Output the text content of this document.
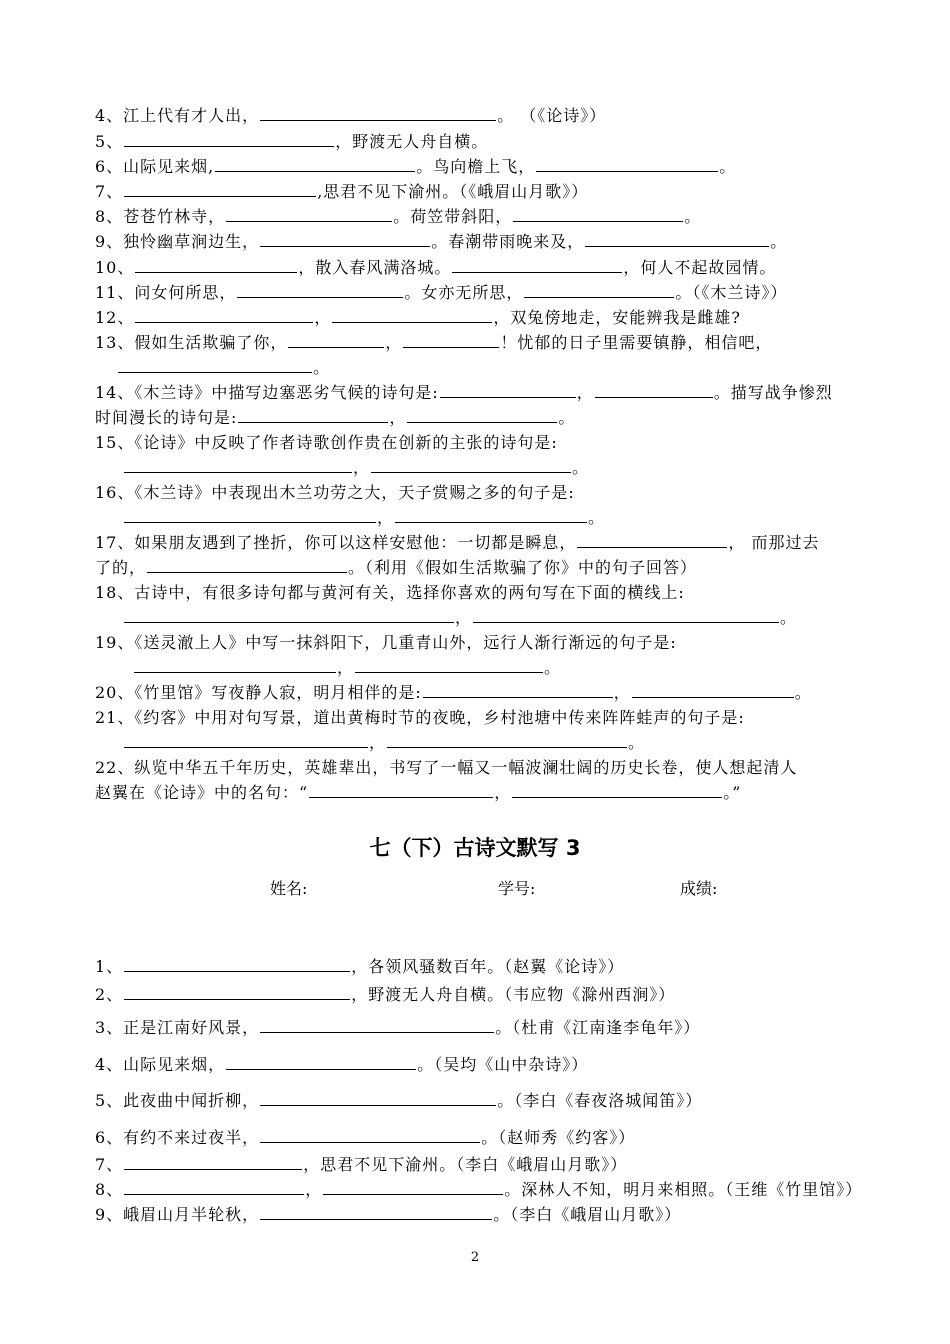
4、江上代有才人出，	。 （《论诗》）
5、	，野渡无人舟自横。
6、山际见来烟,	。鸟向檐上飞，	。
7、	,思君不见下渝州。（《峨眉山月歌》）
8、苍苍竹林寺，	。荷笠带斜阳，	。
9、独怜幽草涧边生，	。春潮带雨晚来及，	。
10、	，散入春风满洛城。	，何人不起故园情。
11、问女何所思，	。女亦无所思，	。（《木兰诗》）
12、	，	，双兔傍地走，安能辨我是雌雄?
13、假如生活欺骗了你，	，	！忧郁的日子里需要镇静，相信吧，
。
14、《木兰诗》中描写边塞恶劣气候的诗句是:	，	。描写战争惨烈
时间漫长的诗句是:	，	。
15、《论诗》中反映了作者诗歌创作贵在创新的主张的诗句是:
，	。
16、《木兰诗》中表现出木兰功劳之大，天子赏赐之多的句子是:
，	。
17、如果朋友遇到了挫折，你可以这样安慰他：一切都是瞬息，	， 而那过去
了的，	。（利用《假如生活欺骗了你》中的句子回答）
18、古诗中，有很多诗句都与黄河有关，选择你喜欢的两句写在下面的横线上:
，	。
19、《送灵澈上人》中写一抹斜阳下，几重青山外，远行人渐行渐远的句子是:
，	。
20、《竹里馆》写夜静人寂，明月相伴的是:	，	。
21、《约客》中用对句写景，道出黄梅时节的夜晚，乡村池塘中传来阵阵蛙声的句子是:
，	。
22、纵览中华五千年历史，英雄辈出，书写了一幅又一幅波澜壮阔的历史长卷，使人想起清人
赵翼在《论诗》中的名句：“	，	。”
七（下）古诗文默写 3
姓名:	学号:	成绩:
1、	，各领风骚数百年。（赵翼《论诗》）
2、	，野渡无人舟自横。（韦应物《滁州西涧》）
3、正是江南好风景，	。（杜甫《江南逢李龟年》）
4、山际见来烟，	。（吴均《山中杂诗》）
5、此夜曲中闻折柳，	。（李白《春夜洛城闻笛》）
6、有约不来过夜半，	。（赵师秀《约客》）
7、	，思君不见下渝州。（李白《峨眉山月歌》）
8、	，	。深林人不知，明月来相照。（王维《竹里馆》）
9、峨眉山月半轮秋，	。（李白《峨眉山月歌》）
2
